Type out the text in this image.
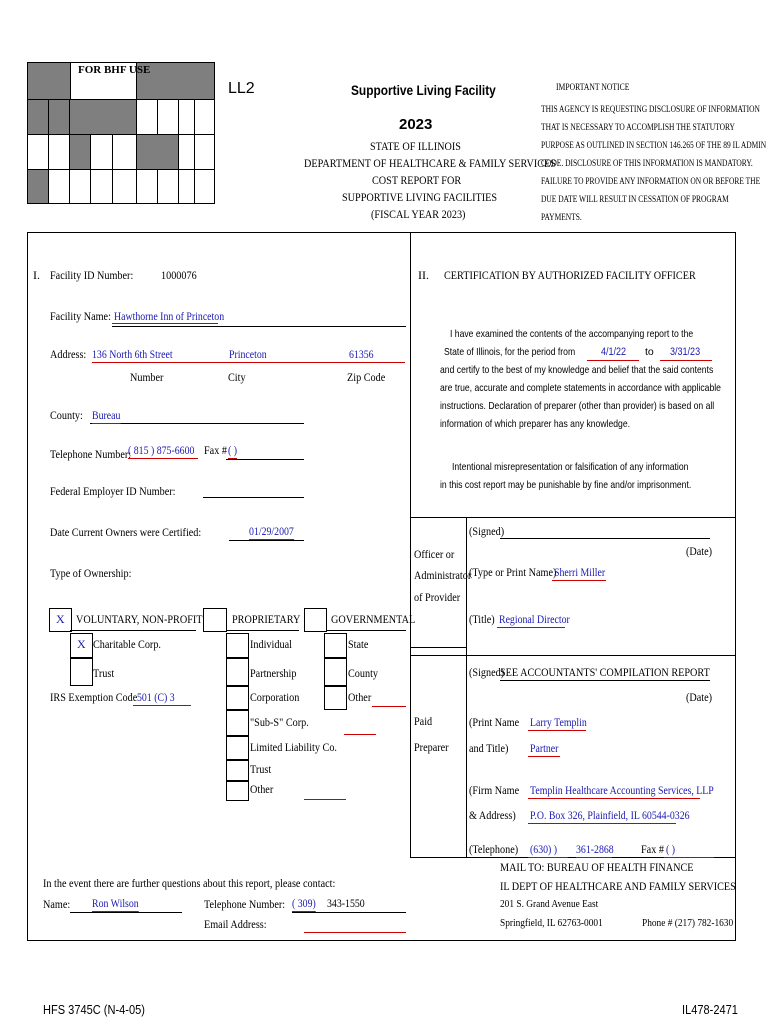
FOR BHF USE
LL2	Supportive Living Facility
2023
STATE OF ILLINOIS
DEPARTMENT OF HEALTHCARE & FAMILY SERVICES
COST REPORT FOR
SUPPORTIVE LIVING FACILITIES
(FISCAL YEAR 2023)
IMPORTANT NOTICE
THIS AGENCY IS REQUESTING DISCLOSURE OF INFORMATION
THAT IS NECESSARY TO ACCOMPLISH THE STATUTORY
PURPOSE AS OUTLINED IN SECTION 146.265 OF THE 89 IL ADMIN
CODE. DISCLOSURE OF THIS INFORMATION IS MANDATORY.
FAILURE TO PROVIDE ANY INFORMATION ON OR BEFORE THE
DUE DATE WILL RESULT IN CESSATION OF PROGRAM
PAYMENTS.
I. Facility ID Number: 1000076
Facility Name: Hawthorne Inn of Princeton
Address: 136 North 6th Street	Princeton	61356
Number	City	Zip Code
County: Bureau
Telephone Number:
( 815 ) 875-6600 Fax # ( )
Federal Employer ID Number:
Date Current Owners were Certified:	01/29/2007
Type of Ownership:
X VOLUNTARY, NON-PROFIT
X Charitable Corp.
Trust
IRS Exemption Code 501 (C) 3
PROPRIETARY
Individual
Partnership
Corporation
"Sub-S" Corp.
Limited Liability Co.
Trust
Other
GOVERNMENTAL
State
County
Other
In the event there are further questions about this report, please contact:
Name: Ron Wilson	Telephone Number: ( 309) 343-1550
Email Address:
II. CERTIFICATION BY AUTHORIZED FACILITY OFFICER
I have examined the contents of the accompanying report to the
State of Illinois, for the period from 4/1/22 to 3/31/23
and certify to the best of my knowledge and belief that the said contents
are true, accurate and complete statements in accordance with applicable
instructions. Declaration of preparer (other than provider) is based on all
information of which preparer has any knowledge.
Intentional misrepresentation or falsification of any information
in this cost report may be punishable by fine and/or imprisonment.
Officer or
Administrator
of Provider
(Signed)
(Date)
(Type or Print Name)
Sherri Miller
(Title) Regional Director
Paid
Preparer
(Signed)
SEE ACCOUNTANTS' COMPILATION REPORT
(Date)
(Print Name Larry Templin
and Title) Partner
(Firm Name Templin Healthcare Accounting Services, LLP
& Address) P.O. Box 326, Plainfield, IL 60544-0326
(Telephone) (630) ) 361-2868 Fax # ( )
MAIL TO: BUREAU OF HEALTH FINANCE
IL DEPT OF HEALTHCARE AND FAMILY SERVICES
201 S. Grand Avenue East
Springfield, IL 62763-0001	Phone # (217) 782-1630
HFS 3745C (N-4-05)	IL478-2471
